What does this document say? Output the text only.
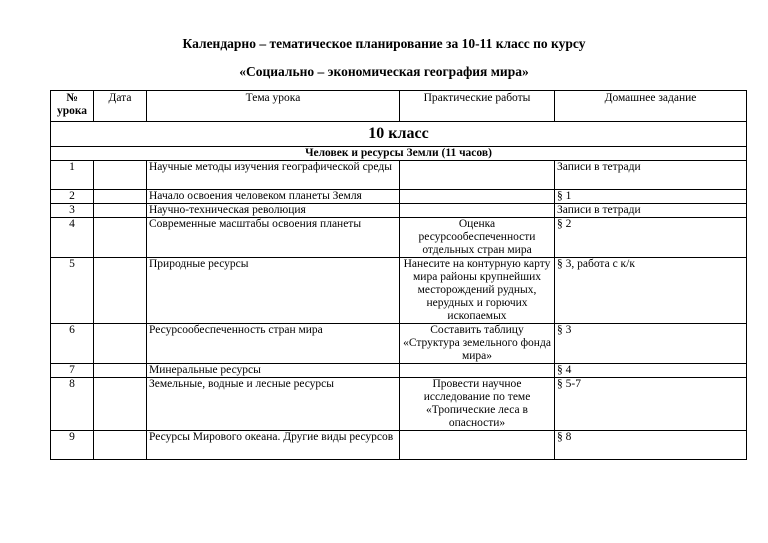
Календарно – тематическое планирование за 10-11 класс по курсу
«Социально – экономическая география мира»
№ урока	Дата	Тема урока	Практические работы	Домашнее задание
10 класс				
Человек и ресурсы Земли (11 часов)				
1		Научные методы изучения географической среды		Записи в тетради
2		Начало освоения человеком планеты Земля		§ 1
3		Научно-техническая революция		Записи в тетради
4		Современные масштабы освоения планеты	Оценка ресурсообеспеченности отдельных стран мира	§ 2
5		Природные ресурсы	Нанесите на контурную карту мира районы крупнейших месторождений рудных, нерудных и горючих ископаемых	§ 3, работа с к/к
6		Ресурсообеспеченность стран мира	Составить таблицу «Структура земельного фонда мира»	§ 3
7		Минеральные ресурсы		§ 4
8		Земельные, водные и лесные ресурсы	Провести научное исследование по теме «Тропические леса в опасности»	§ 5-7
9		Ресурсы Мирового океана. Другие виды ресурсов		§ 8
